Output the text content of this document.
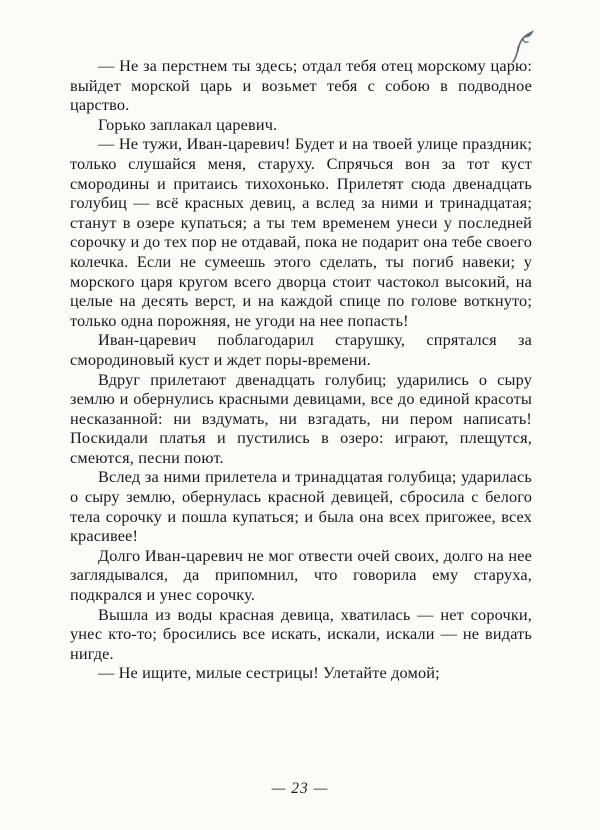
— Не за перстнем ты здесь; отдал тебя отец морскому царю: выйдет морской царь и возьмет тебя с собою в подводное царство.

Горько заплакал царевич.

— Не тужи, Иван-царевич! Будет и на твоей улице праздник; только слушайся меня, старуху. Спрячься вон за тот куст смородины и притаись тихохонько. Прилетят сюда двенадцать голубиц — всё красных девиц, а вслед за ними и тринадцатая; станут в озере купаться; а ты тем временем унеси у последней сорочку и до тех пор не отдавай, пока не подарит она тебе своего колечка. Если не сумеешь этого сделать, ты погиб навеки; у морского царя кругом всего дворца стоит частокол высокий, на целые на десять верст, и на каждой спице по голове воткнуто; только одна порожняя, не угоди на нее попасть!

Иван-царевич поблагодарил старушку, спрятался за смородиновый куст и ждет поры-времени.

Вдруг прилетают двенадцать голубиц; ударились о сыру землю и обернулись красными девицами, все до единой красоты несказанной: ни вздумать, ни взгадать, ни пером написать! Поскидали платья и пустились в озеро: играют, плещутся, смеются, песни поют.

Вслед за ними прилетела и тринадцатая голубица; ударилась о сыру землю, обернулась красной девицей, сбросила с белого тела сорочку и пошла купаться; и была она всех пригожее, всех красивее!

Долго Иван-царевич не мог отвести очей своих, долго на нее заглядывался, да припомнил, что говорила ему старуха, подкрался и унес сорочку.

Вышла из воды красная девица, хватилась — нет сорочки, унес кто-то; бросились все искать, искали, искали — не видать нигде.

— Не ищите, милые сестрицы! Улетайте домой;

— 23 —
